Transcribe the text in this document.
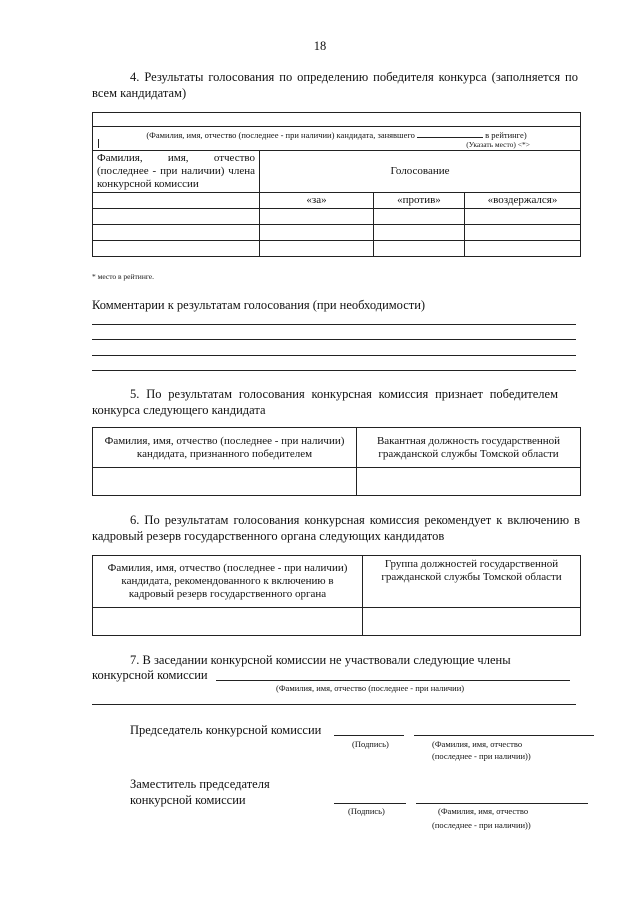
18
4. Результаты голосования по определению победителя конкурса (заполняется по всем кандидатам)

(Фамилия, имя, отчество (последнее - при наличии) кандидата, занявшего в рейтинге)
(Указать место) <*>			

Фамилия, имя, отчество (последнее - при наличии) члена конкурсной комиссии	Голосование		
	«за»	«против»	«воздержался»

* место в рейтинге.
Комментарии к результатам голосования (при необходимости)
5. По результатам голосования конкурсная комиссия признает победителем конкурса следующего кандидата
Фамилия, имя, отчество (последнее - при наличии) кандидата, признанного победителем	Вакантная должность государственной гражданской службы Томской области

6. По результатам голосования конкурсная комиссия рекомендует к включению в кадровый резерв государственного органа следующих кандидатов
Фамилия, имя, отчество (последнее - при наличии) кандидата, рекомендованного к включению в кадровый резерв государственного органа	Группа должностей государственной гражданской службы Томской области

7. В заседании конкурсной комиссии не участвовали следующие члены
конкурсной комиссии
(Фамилия, имя, отчество (последнее - при наличии)
Председатель конкурсной комиссии
(Подпись)	(Фамилия, имя, отчество
(последнее - при наличии))
Заместитель председателя
конкурсной комиссии
(Подпись)	(Фамилия, имя, отчество
(последнее - при наличии))
